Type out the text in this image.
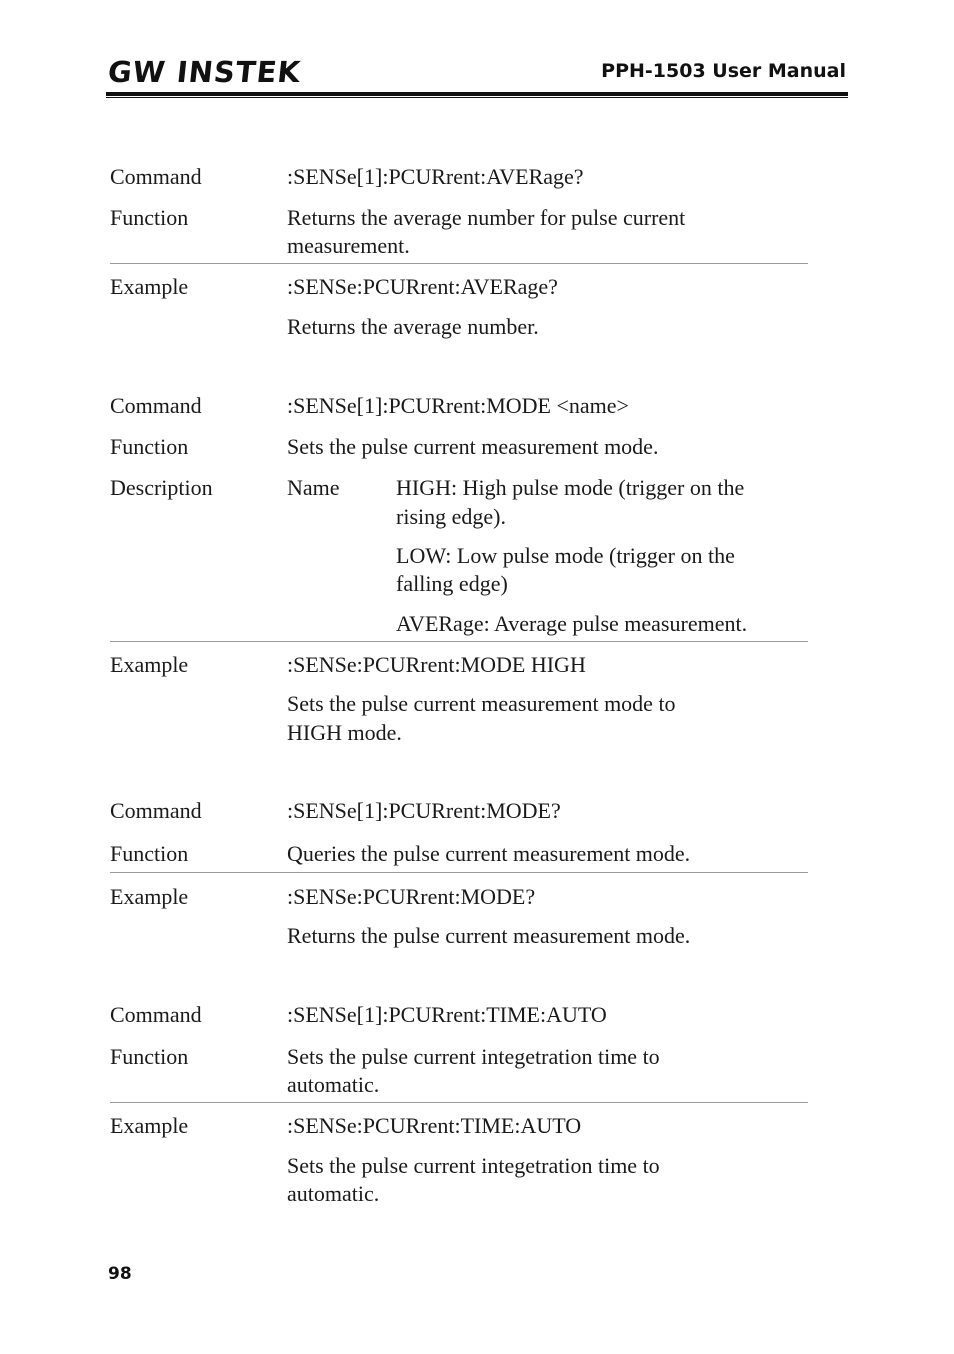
GW INSTEK	PPH-1503 User Manual
Command	:SENSe[1]:PCURrent:AVERage?
Function	Returns the average number for pulse current
measurement.
Example	:SENSe:PCURrent:AVERage?
Returns the average number.
Command	:SENSe[1]:PCURrent:MODE <name>
Function	Sets the pulse current measurement mode.
Description	Name	HIGH: High pulse mode (trigger on the
rising edge).
LOW: Low pulse mode (trigger on the
falling edge)
AVERage: Average pulse measurement.
Example	:SENSe:PCURrent:MODE HIGH
Sets the pulse current measurement mode to
HIGH mode.
Command	:SENSe[1]:PCURrent:MODE?
Function	Queries the pulse current measurement mode.
Example	:SENSe:PCURrent:MODE?
Returns the pulse current measurement mode.
Command	:SENSe[1]:PCURrent:TIME:AUTO
Function	Sets the pulse current integetration time to
automatic.
Example	:SENSe:PCURrent:TIME:AUTO
Sets the pulse current integetration time to
automatic.
98
